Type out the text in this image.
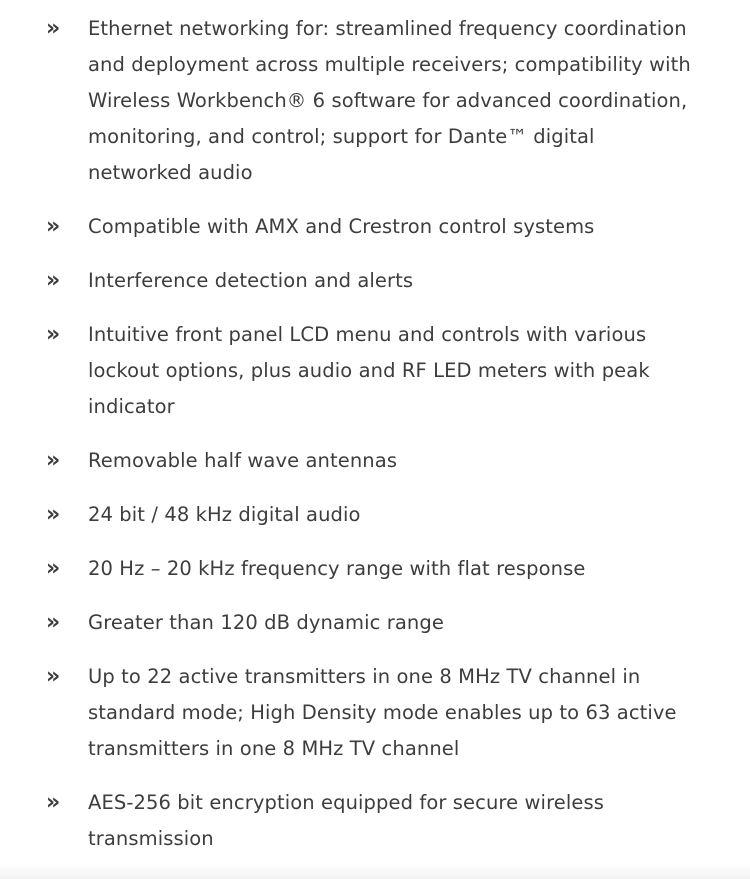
»	Ethernet networking for: streamlined frequency coordination and deployment across multiple receivers; compatibility with Wireless Workbench® 6 software for advanced coordination, monitoring, and control; support for Dante™ digital networked audio
»	Compatible with AMX and Crestron control systems
»	Interference detection and alerts
»	Intuitive front panel LCD menu and controls with various lockout options, plus audio and RF LED meters with peak indicator
»	Removable half wave antennas
»	24 bit / 48 kHz digital audio
»	20 Hz – 20 kHz frequency range with flat response
»	Greater than 120 dB dynamic range
»	Up to 22 active transmitters in one 8 MHz TV channel in standard mode; High Density mode enables up to 63 active transmitters in one 8 MHz TV channel
»	AES-256 bit encryption equipped for secure wireless transmission
